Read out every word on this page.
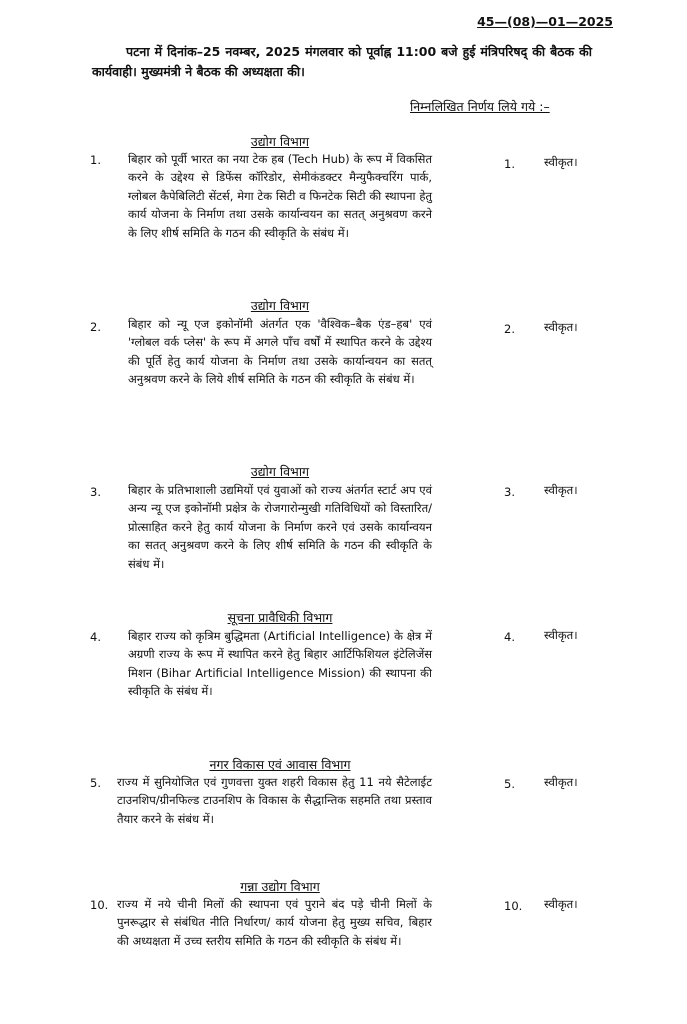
45—(08)—01—2025
पटना में दिनांक–25 नवम्बर, 2025 मंगलवार को पूर्वाह्न 11:00 बजे हुई मंत्रिपरिषद् की बैठक की कार्यवाही। मुख्यमंत्री ने बैठक की अध्यक्षता की।
निम्नलिखित निर्णय लिये गये :–
उद्योग विभाग
1.	बिहार को पूर्वी भारत का नया टेक हब (Tech Hub) के रूप में विकसित करने के उद्देश्य से डिफेंस कॉरिडोर, सेमीकंडक्टर मैन्युफैक्चरिंग पार्क, ग्लोबल कैपेबिलिटी सेंटर्स, मेगा टेक सिटी व फिनटेक सिटी की स्थापना हेतु कार्य योजना के निर्माण तथा उसके कार्यान्वयन का सतत् अनुश्रवण करने के लिए शीर्ष समिति के गठन की स्वीकृति के संबंध में।
1.	स्वीकृत।
उद्योग विभाग
2.	बिहार को न्यू एज इकोनॉमी अंतर्गत एक 'वैश्विक–बैक एंड–हब' एवं 'ग्लोबल वर्क प्लेस' के रूप में अगले पाँच वर्षों में स्थापित करने के उद्देश्य की पूर्ति हेतु कार्य योजना के निर्माण तथा उसके कार्यान्वयन का सतत् अनुश्रवण करने के लिये शीर्ष समिति के गठन की स्वीकृति के संबंध में।
2.	स्वीकृत।
उद्योग विभाग
3.	बिहार के प्रतिभाशाली उद्यमियों एवं युवाओं को राज्य अंतर्गत स्टार्ट अप एवं अन्य न्यू एज इकोनॉमी प्रक्षेत्र के रोजगारोन्मुखी गतिविधियों को विस्तारित/प्रोत्साहित करने हेतु कार्य योजना के निर्माण करने एवं उसके कार्यान्वयन का सतत् अनुश्रवण करने के लिए शीर्ष समिति के गठन की स्वीकृति के संबंध में।
3.	स्वीकृत।
सूचना प्रावैधिकी विभाग
4.	बिहार राज्य को कृत्रिम बुद्धिमता (Artificial Intelligence) के क्षेत्र में अग्रणी राज्य के रूप में स्थापित करने हेतु बिहार आर्टिफिशियल इंटेलिजेंस मिशन (Bihar Artificial Intelligence Mission) की स्थापना की स्वीकृति के संबंध में।
4.	स्वीकृत।
नगर विकास एवं आवास विभाग
5.	राज्य में सुनियोजित एवं गुणवत्ता युक्त शहरी विकास हेतु 11 नये सैटेलाईट टाउनशिप/ग्रीनफिल्ड टाउनशिप के विकास के सैद्धान्तिक सहमति तथा प्रस्ताव तैयार करने के संबंध में।
5.	स्वीकृत।
गन्ना उद्योग विभाग
10. राज्य में नये चीनी मिलों की स्थापना एवं पुराने बंद पड़े चीनी मिलों के पुनरूद्धार से संबंधित नीति निर्धारण/ कार्य योजना हेतु मुख्य सचिव, बिहार की अध्यक्षता में उच्च स्तरीय समिति के गठन की स्वीकृति के संबंध में।
10.	स्वीकृत।
